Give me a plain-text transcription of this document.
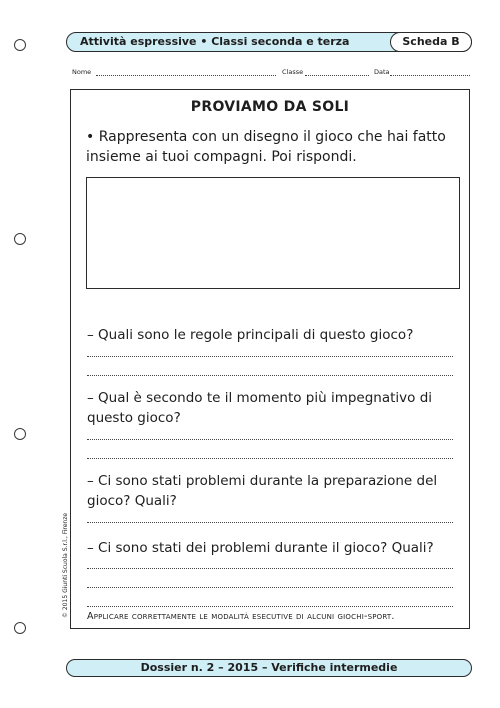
Attività espressive • Classi seconda e terza	Scheda B
Nome	Classe	Data
PROVIAMO DA SOLI
• Rappresenta con un disegno il gioco che hai fatto insieme ai tuoi compagni. Poi rispondi.
– Quali sono le regole principali di questo gioco?
– Qual è secondo te il momento più impegnativo di questo gioco?
– Ci sono stati problemi durante la preparazione del gioco? Quali?
– Ci sono stati dei problemi durante il gioco? Quali?
Applicare correttamente le modalità esecutive di alcuni giochi-sport.
© 2015 Giunti Scuola S.r.l., Firenze
Dossier n. 2 – 2015 – Verifiche intermedie
